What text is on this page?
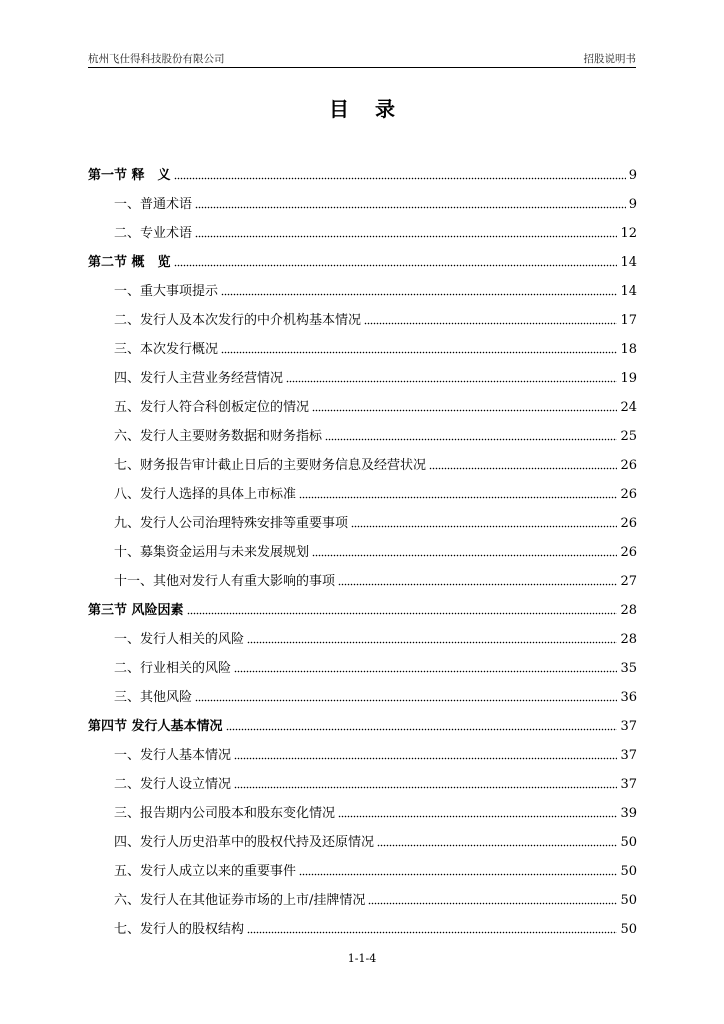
杭州飞仕得科技股份有限公司	招股说明书
目 录
第一节 释　义	9
一、普通术语	9
二、专业术语	12
第二节 概　览	14
一、重大事项提示	14
二、发行人及本次发行的中介机构基本情况	17
三、本次发行概况	18
四、发行人主营业务经营情况	19
五、发行人符合科创板定位的情况	24
六、发行人主要财务数据和财务指标	25
七、财务报告审计截止日后的主要财务信息及经营状况	26
八、发行人选择的具体上市标准	26
九、发行人公司治理特殊安排等重要事项	26
十、募集资金运用与未来发展规划	26
十一、其他对发行人有重大影响的事项	27
第三节 风险因素	28
一、发行人相关的风险	28
二、行业相关的风险	35
三、其他风险	36
第四节 发行人基本情况	37
一、发行人基本情况	37
二、发行人设立情况	37
三、报告期内公司股本和股东变化情况	39
四、发行人历史沿革中的股权代持及还原情况	50
五、发行人成立以来的重要事件	50
六、发行人在其他证券市场的上市/挂牌情况	50
七、发行人的股权结构	50
1-1-4
